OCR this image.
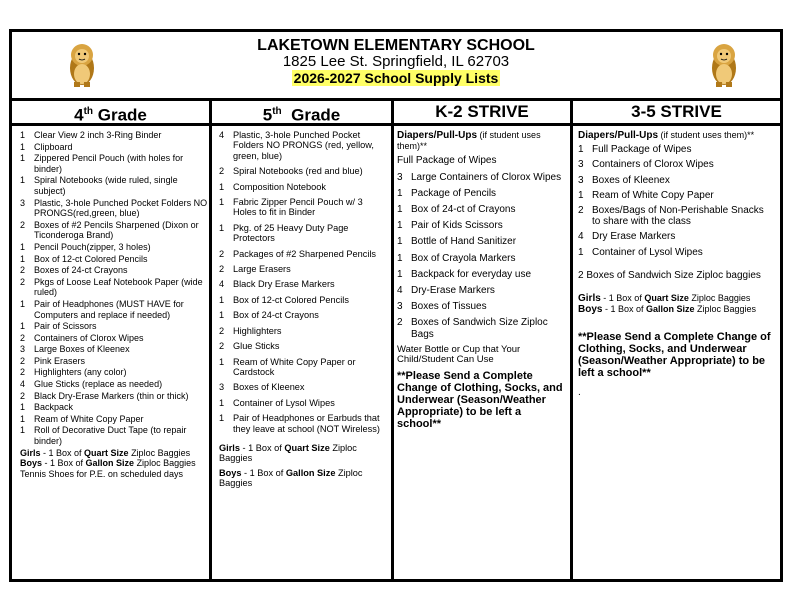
LAKETOWN ELEMENTARY SCHOOL
1825 Lee St. Springfield, IL 62703
2026-2027 School Supply Lists
4th Grade	5th  Grade	K-2 STRIVE	3-5 STRIVE
1 Clear View 2 inch 3-Ring Binder
1 Clipboard
1 Zippered Pencil Pouch (with holes for binder)
1 Spiral Notebooks (wide ruled, single subject)
3 Plastic, 3-hole Punched Pocket Folders NO PRONGS(red,green, blue)
2 Boxes of #2 Pencils Sharpened (Dixon or Ticonderoga Brand)
1 Pencil Pouch(zipper, 3 holes)
1 Box of 12-ct Colored Pencils
2 Boxes of 24-ct Crayons
2 Pkgs of Loose Leaf Notebook Paper (wide ruled)
1 Pair of Headphones (MUST HAVE for Computers and replace if needed)
1 Pair of Scissors
2 Containers of Clorox Wipes
3 Large Boxes of Kleenex
2 Pink Erasers
2 Highlighters (any color)
4 Glue Sticks (replace as needed)
2 Black Dry-Erase Markers (thin or thick)
1 Backpack
1 Ream of White Copy Paper
1 Roll of Decorative Duct Tape (to repair binder)
Girls - 1 Box of Quart Size Ziploc Baggies
Boys - 1 Box of Gallon Size Ziploc Baggies
Tennis Shoes for P.E. on scheduled days
4 Plastic, 3-hole Punched Pocket Folders NO PRONGS (red, yellow, green, blue)
2 Spiral Notebooks (red and blue)
1 Composition Notebook
1 Fabric Zipper Pencil Pouch w/ 3 Holes to fit in Binder
1 Pkg. of 25 Heavy Duty Page Protectors
2 Packages of #2 Sharpened Pencils
2 Large Erasers
4 Black Dry Erase Markers
1 Box of 12-ct Colored Pencils
1 Box of 24-ct Crayons
2 Highlighters
2 Glue Sticks
1 Ream of White Copy Paper or Cardstock
3 Boxes of Kleenex
1 Container of Lysol Wipes
1 Pair of Headphones or Earbuds that they leave at school (NOT Wireless)
Girls - 1 Box of Quart Size Ziploc Baggies
Boys - 1 Box of Gallon Size Ziploc Baggies
Diapers/Pull-Ups (if student uses them)**
Full Package of Wipes
3 Large Containers of Clorox Wipes
1 Package of Pencils
1 Box of 24-ct of Crayons
1 Pair of Kids Scissors
1 Bottle of Hand Sanitizer
1 Box of Crayola Markers
1 Backpack for everyday use
4 Dry-Erase Markers
3 Boxes of Tissues
2 Boxes of Sandwich Size Ziploc Bags
Water Bottle or Cup that Your Child/Student Can Use
**Please Send a Complete Change of Clothing, Socks, and Underwear (Season/Weather Appropriate) to be left a school**
Diapers/Pull-Ups (if student uses them)**
1 Full Package of Wipes
3 Containers of Clorox Wipes
3 Boxes of Kleenex
1 Ream of White Copy Paper
2 Boxes/Bags of Non-Perishable Snacks to share with the class
4 Dry Erase Markers
1 Container of Lysol Wipes
2 Boxes of Sandwich Size Ziploc baggies
Girls - 1 Box of Quart Size Ziploc Baggies
Boys - 1 Box of Gallon Size Ziploc Baggies
**Please Send a Complete Change of Clothing, Socks, and Underwear (Season/Weather Appropriate) to be left a school**
.
